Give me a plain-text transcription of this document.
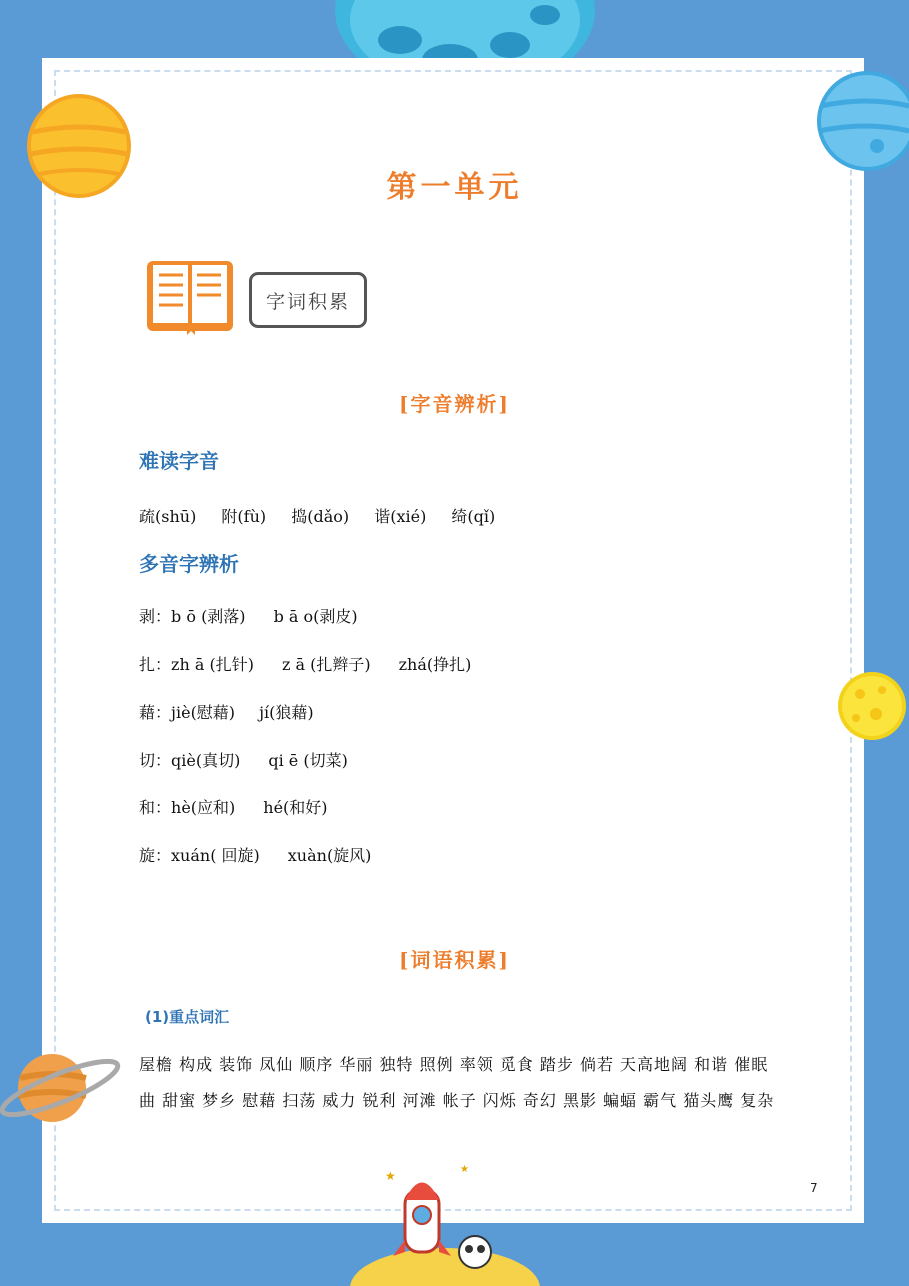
★	★
第一单元
字词积累
[字音辨析]
难读字音
疏(shū) 附(fù) 捣(dǎo) 谐(xié) 绮(qǐ)
多音字辨析
剥：b ō (剥落) b ā o(剥皮)
扎：zh ā (扎针) z ā (扎辫子) zhá(挣扎)
藉：jiè(慰藉) jí(狼藉)
切：qiè(真切) qi ē (切菜)
和：hè(应和) hé(和好)
旋：xuán( 回旋) xuàn(旋风)
[词语积累]
(1)重点词汇
屋檐 构成 装饰 凤仙 顺序 华丽 独特 照例 率领 觅食 踏步 倘若 天高地阔 和谐 催眠曲 甜蜜 梦乡 慰藉 扫荡 威力 锐利 河滩 帐子 闪烁 奇幻 黑影 蝙蝠 霸气 猫头鹰 复杂
7
